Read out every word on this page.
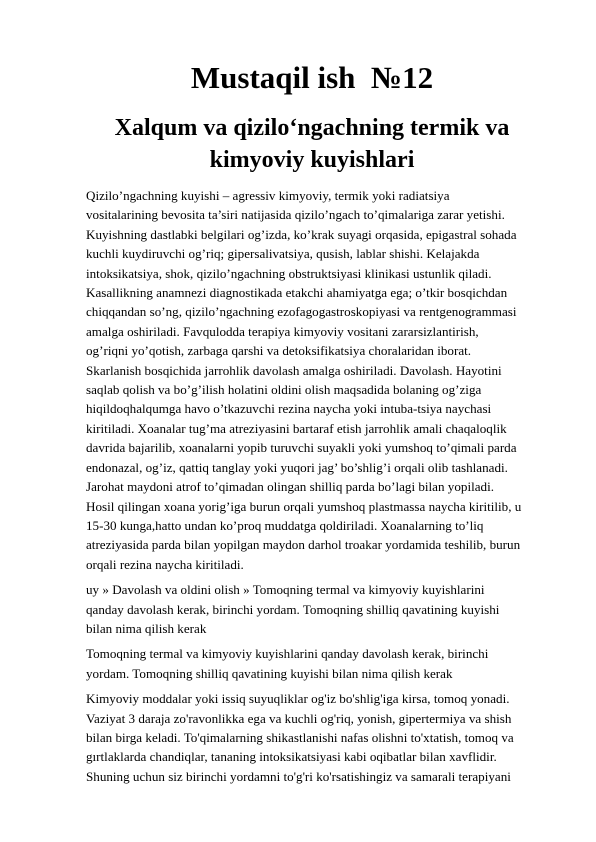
Mustaqil ish  №12
Xalqum va qizilo‘ngachning termik va
kimyoviy kuyishlari
Qizilo’ngachning kuyishi – agressiv kimyoviy, termik yoki radiatsiya
vositalarining bevosita ta’siri natijasida qizilo’ngach to’qimalariga zarar yetishi.
Kuyishning dastlabki belgilari og’izda, ko’krak suyagi orqasida, epigastral sohada
kuchli kuydiruvchi og’riq; gipersalivatsiya, qusish, lablar shishi. Kelajakda
intoksikatsiya, shok, qizilo’ngachning obstruktsiyasi klinikasi ustunlik qiladi.
Kasallikning anamnezi diagnostikada etakchi ahamiyatga ega; o’tkir bosqichdan
chiqqandan so’ng, qizilo’ngachning ezofagogastroskopiyasi va rentgenogrammasi
amalga oshiriladi. Favqulodda terapiya kimyoviy vositani zararsizlantirish,
og’riqni yo’qotish, zarbaga qarshi va detoksifikatsiya choralaridan iborat.
Skarlanish bosqichida jarrohlik davolash amalga oshiriladi. Davolash. Hayotini
saqlab qolish va bo’g’ilish holatini oldini olish maqsadida bolaning og’ziga
hiqildoqhalqumga havo o’tkazuvchi rezina naycha yoki intuba-tsiya naychasi
kiritiladi. Xoanalar tug’ma atreziyasini bartaraf etish jarrohlik amali chaqaloqlik
davrida bajarilib, xoanalarni yopib turuvchi suyakli yoki yumshoq to’qimali parda
endonazal, og’iz, qattiq tanglay yoki yuqori jag’ bo’shlig’i orqali olib tashlanadi.
Jarohat maydoni atrof to’qimadan olingan shilliq parda bo’lagi bilan yopiladi.
Hosil qilingan xoana yorig’iga burun orqali yumshoq plastmassa naycha kiritilib, u
15-30 kunga,hatto undan ko’proq muddatga qoldiriladi. Xoanalarning to’liq
atreziyasida parda bilan yopilgan maydon darhol troakar yordamida teshilib, burun
orqali rezina naycha kiritiladi.
uy » Davolash va oldini olish » Tomoqning termal va kimyoviy kuyishlarini
qanday davolash kerak, birinchi yordam. Tomoqning shilliq qavatining kuyishi
bilan nima qilish kerak
Tomoqning termal va kimyoviy kuyishlarini qanday davolash kerak, birinchi
yordam. Tomoqning shilliq qavatining kuyishi bilan nima qilish kerak
Kimyoviy moddalar yoki issiq suyuqliklar og'iz bo'shlig'iga kirsa, tomoq yonadi.
Vaziyat 3 daraja zo'ravonlikka ega va kuchli og'riq, yonish, gipertermiya va shish
bilan birga keladi. To'qimalarning shikastlanishi nafas olishni to'xtatish, tomoq va
gırtlaklarda chandiqlar, tananing intoksikatsiyasi kabi oqibatlar bilan xavflidir.
Shuning uchun siz birinchi yordamni to'g'ri ko'rsatishingiz va samarali terapiyani
